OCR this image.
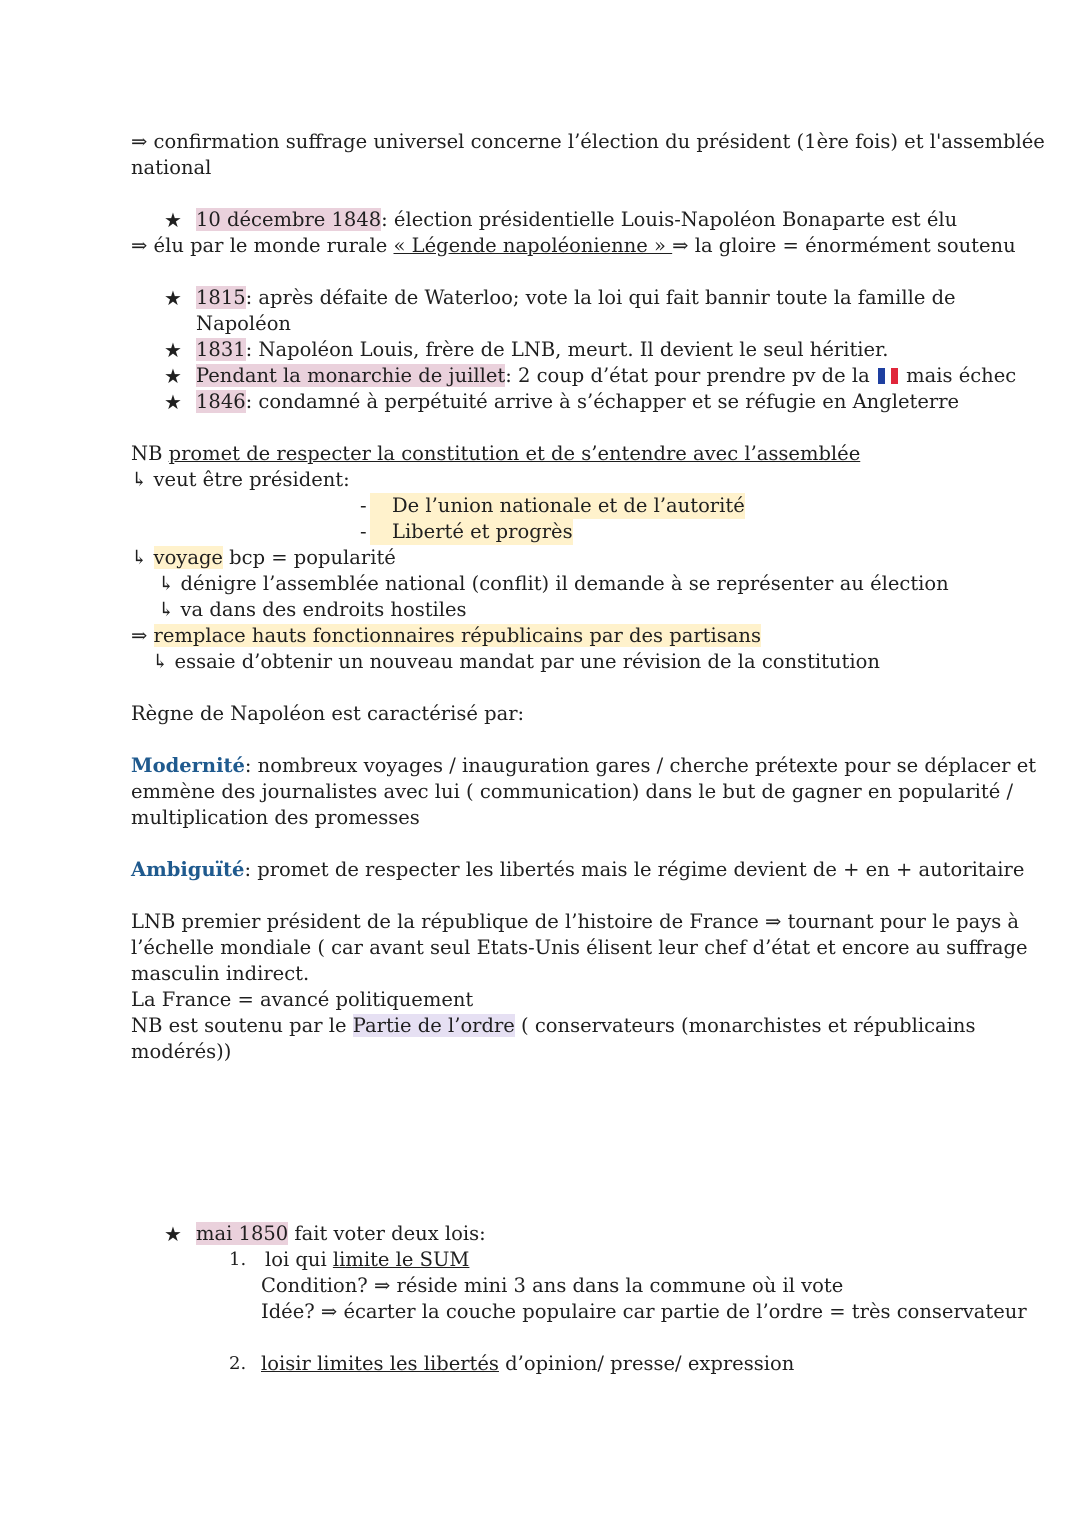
⇒ confirmation suffrage universel concerne l’élection du président (1ère fois) et l'assemblée
national
★ 10 décembre 1848: élection présidentielle Louis-Napoléon Bonaparte est élu
⇒ élu par le monde rurale « Légende napoléonienne » ⇒ la gloire = énormément soutenu
★ 1815: après défaite de Waterloo; vote la loi qui fait bannir toute la famille de
Napoléon
★ 1831: Napoléon Louis, frère de LNB, meurt. Il devient le seul héritier.
★ Pendant la monarchie de juillet: 2 coup d’état pour prendre pv de la
mais échec
★ 1846: condamné à perpétuité arrive à s’échapper et se réfugie en Angleterre
NB promet de respecter la constitution et de s’entendre avec l’assemblée
↳ veut être président:
-	De l’union nationale et de l’autorité
-	Liberté et progrès
↳ voyage bcp = popularité
↳ dénigre l’assemblée national (conflit) il demande à se représenter au élection
↳ va dans des endroits hostiles
⇒ remplace hauts fonctionnaires républicains par des partisans
↳ essaie d’obtenir un nouveau mandat par une révision de la constitution
Règne de Napoléon est caractérisé par:
Modernité: nombreux voyages / inauguration gares / cherche prétexte pour se déplacer et
emmène des journalistes avec lui ( communication) dans le but de gagner en popularité /
multiplication des promesses
Ambiguïté: promet de respecter les libertés mais le régime devient de + en + autoritaire
LNB premier président de la république de l’histoire de France ⇒ tournant pour le pays à
l’échelle mondiale ( car avant seul Etats-Unis élisent leur chef d’état et encore au suffrage
masculin indirect.
La France = avancé politiquement
NB est soutenu par le Partie de l’ordre ( conservateurs (monarchistes et républicains
modérés))
★ mai 1850 fait voter deux lois:
1. loi qui limite le SUM
Condition? ⇒ réside mini 3 ans dans la commune où il vote
Idée? ⇒ écarter la couche populaire car partie de l’ordre = très conservateur
2. loisir limites les libertés d’opinion/ presse/ expression
